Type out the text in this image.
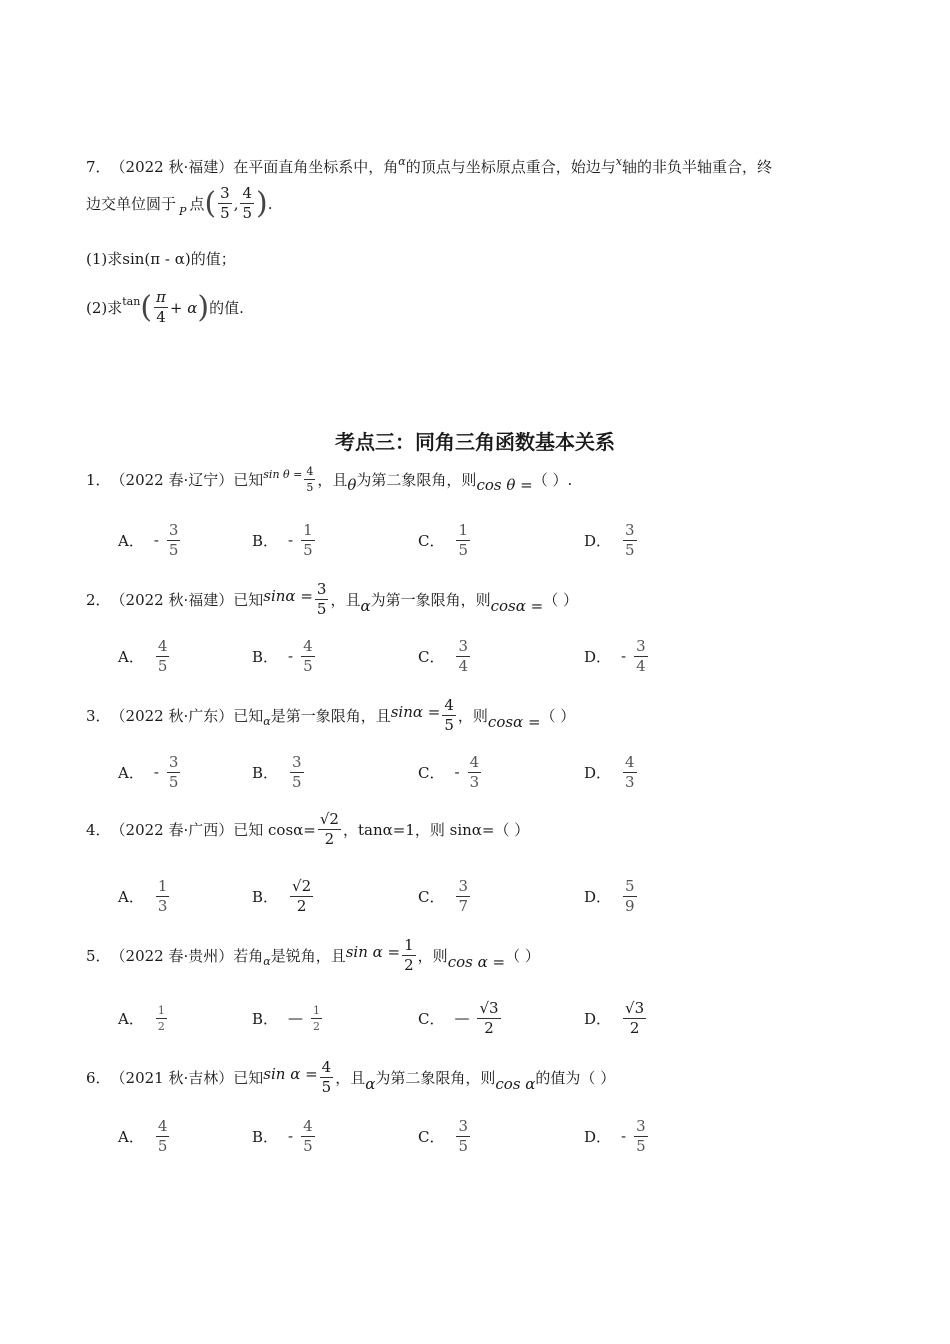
7． （2022 秋·福建） 在平面直角坐标系中，角 α 的顶点与坐标原点重合，始边与 x 轴的非负半轴重合，终
边交单位圆于 P 点 ( $\frac{3}{5}$ , $\frac{4}{5}$ ) .
(1)求 sin(π - α) 的值；
(2)求 tan ( $\frac{\pi}{4} + \alpha$ ) 的值.
考点三：同角三角函数基本关系
1． （2022 春·辽宁） 已知 $\sin \theta = \frac{4}{5}$ ，且 θ 为第二象限角，则 cos θ = （ ）.
A． - $\frac{3}{5}$	B． - $\frac{1}{5}$	C． $\frac{1}{5}$	D． $\frac{3}{5}$
2． （2022 秋·福建） 已知 $\sin\alpha = \frac{3}{5}$ ，且 α 为第一象限角，则 cosα = （ ）
A． $\frac{4}{5}$	B． - $\frac{4}{5}$	C． $\frac{3}{4}$	D． - $\frac{3}{4}$
3． （2022 秋·广东） 已知 α 是第一象限角，且 $\sin\alpha = \frac{4}{5}$ ，则 cosα = （ ）
A． - $\frac{3}{5}$	B． $\frac{3}{5}$	C． - $\frac{4}{3}$	D． $\frac{4}{3}$
4． （2022 春·广西） 已知 $\cos\alpha= \frac{√2}{2}$ ，tanα=1，则 sinα=（ ）
A． $\frac{1}{3}$	B． $\frac{√2}{2}$	C． $\frac{3}{7}$	D． $\frac{5}{9}$
5． （2022 春·贵州） 若角 α 是锐角，且 $\sin \alpha = \frac{1}{2}$ ，则 cos α = （ ）
A． $\frac{1}{2}$	B． — $\frac{1}{2}$	C． — $\frac{√3}{2}$	D． $\frac{√3}{2}$
6． （2021 秋·吉林） 已知 $\sin \alpha = \frac{4}{5}$ ，且 α 为第二象限角，则 cos α 的值为（ ）
A． $\frac{4}{5}$	B． - $\frac{4}{5}$	C． $\frac{3}{5}$	D． - $\frac{3}{5}$
